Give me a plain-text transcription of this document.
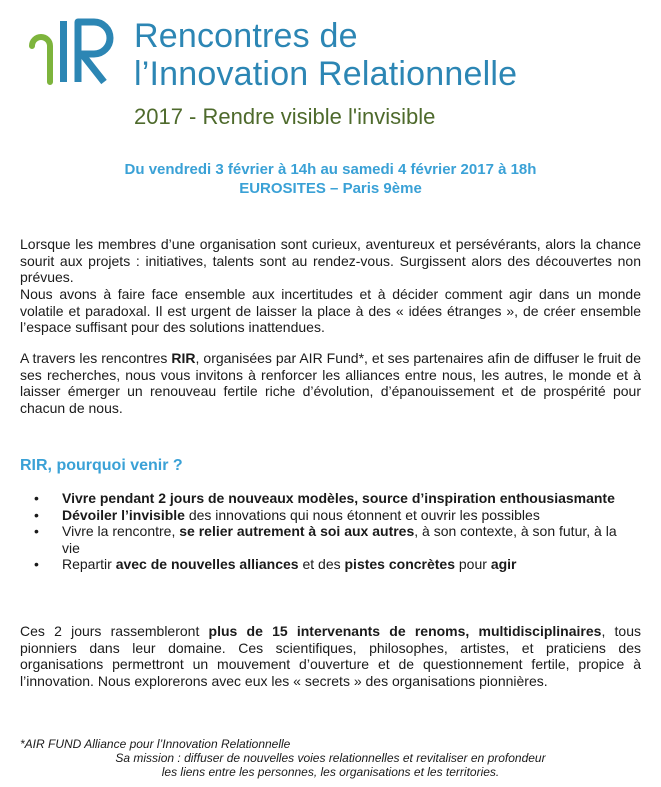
Rencontres de
l’Innovation Relationnelle
2017 - Rendre visible l'invisible
Du vendredi 3 février à 14h au samedi 4 février 2017 à 18h
EUROSITES – Paris 9ème

Lorsque les membres d’une organisation sont curieux, aventureux et persévérants, alors la chance sourit aux projets : initiatives, talents sont au rendez-vous. Surgissent alors des découvertes non prévues.

Nous avons à faire face ensemble aux incertitudes et à décider comment agir dans un monde volatile et paradoxal. Il est urgent de laisser la place à des « idées étranges », de créer ensemble l’espace suffisant pour des solutions inattendues.

A travers les rencontres RIR, organisées par AIR Fund*, et ses partenaires afin de diffuser le fruit de ses recherches, nous vous invitons à renforcer les alliances entre nous, les autres, le monde et à laisser émerger un renouveau fertile riche d’évolution, d’épanouissement et de prospérité pour chacun de nous.

RIR, pourquoi venir ?
• Vivre pendant 2 jours de nouveaux modèles, source d’inspiration enthousiasmante
• Dévoiler l’invisible des innovations qui nous étonnent et ouvrir les possibles
• Vivre la rencontre, se relier autrement à soi aux autres, à son contexte, à son futur, à la vie
• Repartir avec de nouvelles alliances et des pistes concrètes pour agir

Ces 2 jours rassembleront plus de 15 intervenants de renoms, multidisciplinaires, tous pionniers dans leur domaine. Ces scientifiques, philosophes, artistes, et praticiens des organisations permettront un mouvement d’ouverture et de questionnement fertile, propice à l’innovation. Nous explorerons avec eux les « secrets » des organisations pionnières.

*AIR FUND Alliance pour l’Innovation Relationnelle

Sa mission : diffuser de nouvelles voies relationnelles et revitaliser en profondeur

les liens entre les personnes, les organisations et les territories.
